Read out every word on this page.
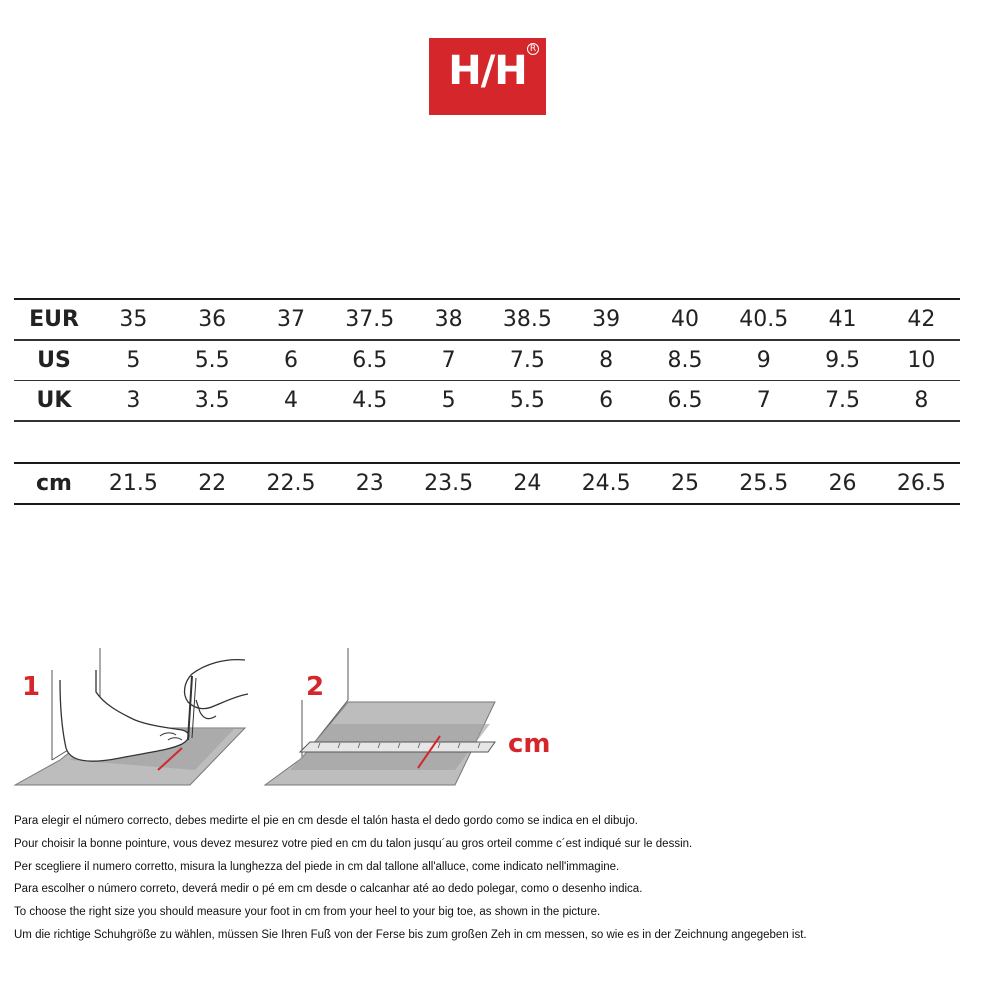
H/H R
EUR	35	36	37	37.5	38	38.5	39	40	40.5	41	42
US	5	5.5	6	6.5	7	7.5	8	8.5	9	9.5	10
UK	3	3.5	4	4.5	5	5.5	6	6.5	7	7.5	8
cm	21.5	22	22.5	23	23.5	24	24.5	25	25.5	26	26.5
1	2
cm
Para elegir el número correcto, debes medirte el pie en cm desde el talón hasta el dedo gordo como se indica en el dibujo.
Pour choisir la bonne pointure, vous devez mesurez votre pied en cm du talon jusqu´au gros orteil comme c´est indiqué sur le dessin.
Per scegliere il numero corretto, misura la lunghezza del piede in cm dal tallone all'alluce, come indicato nell'immagine.
Para escolher o número correto, deverá medir o pé em cm desde o calcanhar até ao dedo polegar, como o desenho indica.
To choose the right size you should measure your foot in cm from your heel to your big toe, as shown in the picture.
Um die richtige Schuhgröße zu wählen, müssen Sie Ihren Fuß von der Ferse bis zum großen Zeh in cm messen, so wie es in der Zeichnung angegeben ist.
